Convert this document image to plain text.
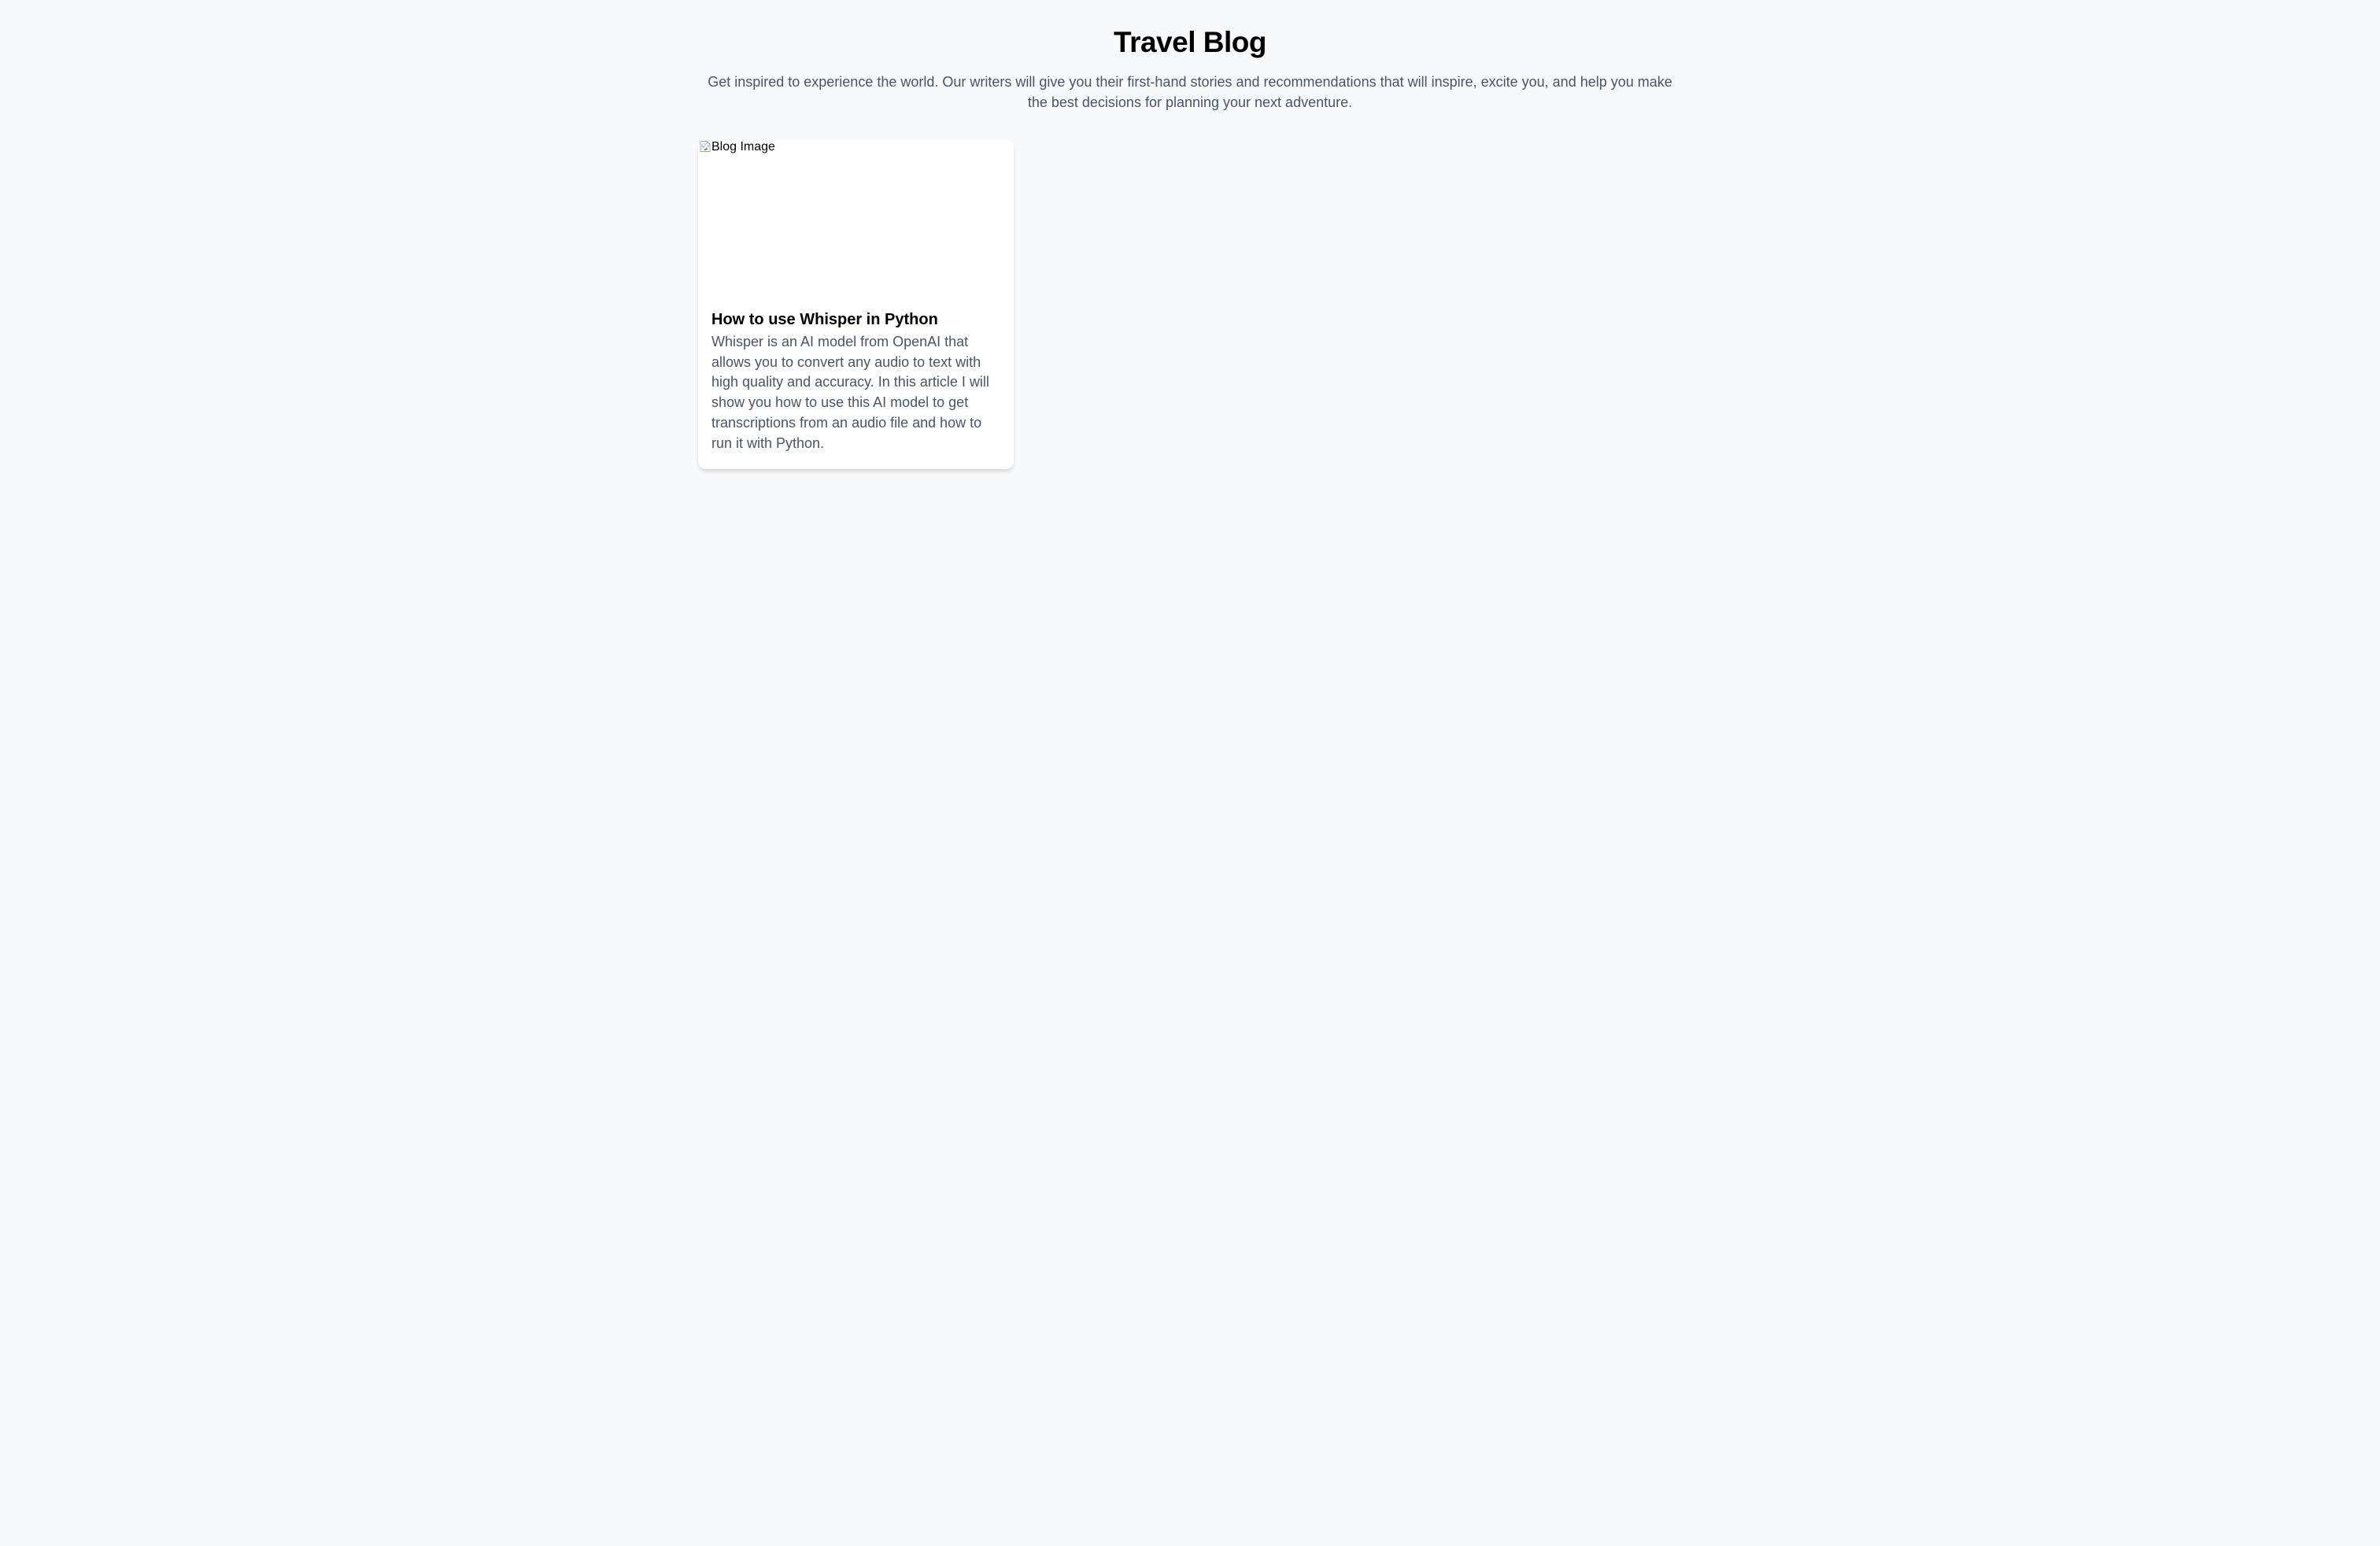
Travel Blog

Get inspired to experience the world. Our writers will give you their first-hand stories and recommendations that will inspire, excite you, and help you make the best decisions for planning your next adventure.

Blog Image
How to use Whisper in Python

Whisper is an AI model from OpenAI that allows you to convert any audio to text with high quality and accuracy. In this article I will show you how to use this AI model to get transcriptions from an audio file and how to run it with Python.
